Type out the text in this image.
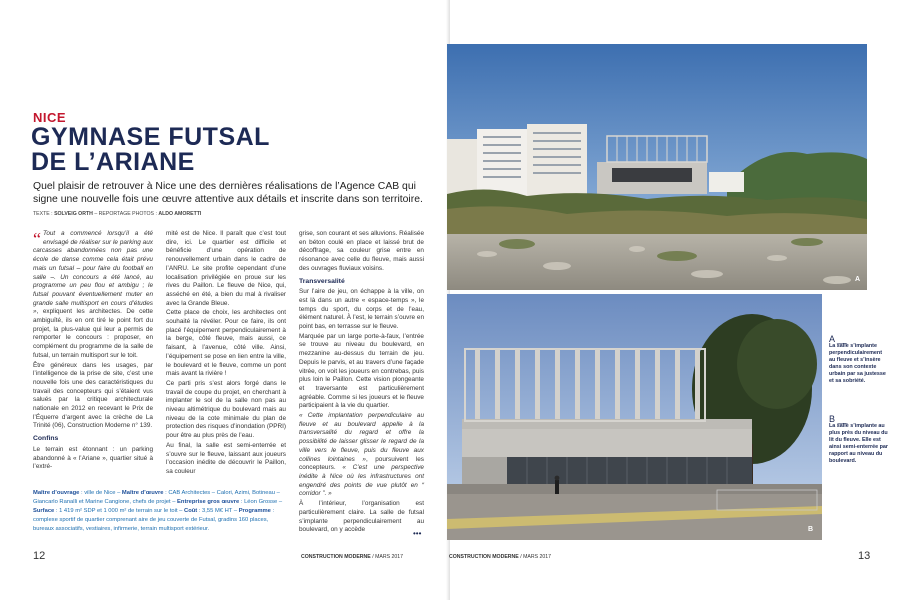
NICE
GYMNASE FUTSAL
DE L’ARIANE

Quel plaisir de retrouver à Nice une des dernières réalisations de l’Agence CAB qui signe une nouvelle fois une œuvre attentive aux détails et inscrite dans son territoire.

TEXTE : SOLVEIG ORTH – REPORTAGE PHOTOS : ALDO AMORETTI

“ Tout a commencé lorsqu’il a été envisagé de réaliser sur le parking aux carcasses abandonnées non pas une école de danse comme cela était prévu mais un futsal – pour faire du football en salle –. Un concours a été lancé, au programme un peu flou et ambigu ; le futsal pouvant éventuellement muter en grande salle multisport en cours d’études », expliquent les architectes. De cette ambiguïté, ils en ont tiré le point fort du projet, la plus-value qui leur a permis de remporter le concours : proposer, en complément du programme de la salle de futsal, un terrain multisport sur le toit.

Être généreux dans les usages, par l’intelligence de la prise de site, c’est une nouvelle fois une des caractéristiques du travail des concepteurs qui s’étaient vus salués par la critique architecturale nationale en 2012 en recevant le Prix de l’Équerre d’argent avec la crèche de La Trinité (06), Construction Moderne n° 139.

Confins

Le terrain est étonnant : un parking abandonné à « l’Ariane », quartier situé à l’extré-

mité est de Nice. Il paraît que c’est tout dire, ici. Le quartier est difficile et bénéficie d’une opération de renouvellement urbain dans le cadre de l’ANRU. Le site profite cependant d’une localisation privilégiée en proue sur les rives du Paillon. Le fleuve de Nice, qui, asséché en été, a bien du mal à rivaliser avec la Grande Bleue.

Cette place de choix, les architectes ont souhaité la révéler. Pour ce faire, ils ont placé l’équipement perpendiculairement à la berge, côté fleuve, mais aussi, ce faisant, à l’avenue, côté ville. Ainsi, l’équipement se pose en lien entre la ville, le boulevard et le fleuve, comme un pont mais avant la rivière !

Ce parti pris s’est alors forgé dans le travail de coupe du projet, en cherchant à implanter le sol de la salle non pas au niveau altimétrique du boulevard mais au niveau de la cote minimale du plan de protection des risques d’inondation (PPRI) pour être au plus près de l’eau.

Au final, la salle est semi-enterrée et s’ouvre sur le fleuve, laissant aux joueurs l’occasion inédite de découvrir le Paillon, sa couleur

grise, son courant et ses alluvions. Réalisée en béton coulé en place et laissé brut de décoffrage, sa couleur grise entre en résonance avec celle du fleuve, mais aussi des ouvrages fluviaux voisins.

Transversalité

Sur l’aire de jeu, on échappe à la ville, on est là dans un autre « espace-temps », le temps du sport, du corps et de l’eau, élément naturel. À l’est, le terrain s’ouvre en point bas, en terrasse sur le fleuve.

Marquée par un large porte-à-faux, l’entrée se trouve au niveau du boulevard, en mezzanine au-dessus du terrain de jeu. Depuis le parvis, et au travers d’une façade vitrée, on voit les joueurs en contrebas, puis plus loin le Paillon. Cette vision plongeante et traversante est particulièrement agréable. Comme si les joueurs et le fleuve participaient à la vie du quartier.

« Cette implantation perpendiculaire au fleuve et au boulevard appelle à la transversalité du regard et offre la possibilité de laisser glisser le regard de la ville vers le fleuve, puis du fleuve aux collines lointaines », poursuivent les concepteurs. « C’est une perspective inédite à Nice où les infrastructures ont engendré des points de vue plutôt en “ corridor ”. »

À l’intérieur, l’organisation est particulièrement claire. La salle de futsal s’implante perpendiculairement au boulevard, on y accède	•••
Maître d’ouvrage : ville de Nice – Maître d’œuvre : CAB Architectes – Calori, Azimi, Botineau – Giancarlo Ranalli et Marine Cangione, chefs de projet – Entreprise gros œuvre : Léon Grosse – Surface : 1 419 m² SDP et 1 000 m² de terrain sur le toit – Coût : 3,55 M€ HT – Programme : complexe sportif de quartier comprenant aire de jeu couverte de Futsal, gradins 160 places, bureaux associatifs, vestiaires, infirmerie, terrain multisport extérieur.
12	CONSTRUCTION MODERNE / MARS 2017	CONSTRUCTION MODERNE / MARS 2017	13
A
B
A __
La salle s’implante perpendiculairement au fleuve et s’insère dans son contexte urbain par sa justesse et sa sobriété.
B __
La salle s’implante au plus près du niveau du lit du fleuve. Elle est ainsi semi-enterrée par rapport au niveau du boulevard.
